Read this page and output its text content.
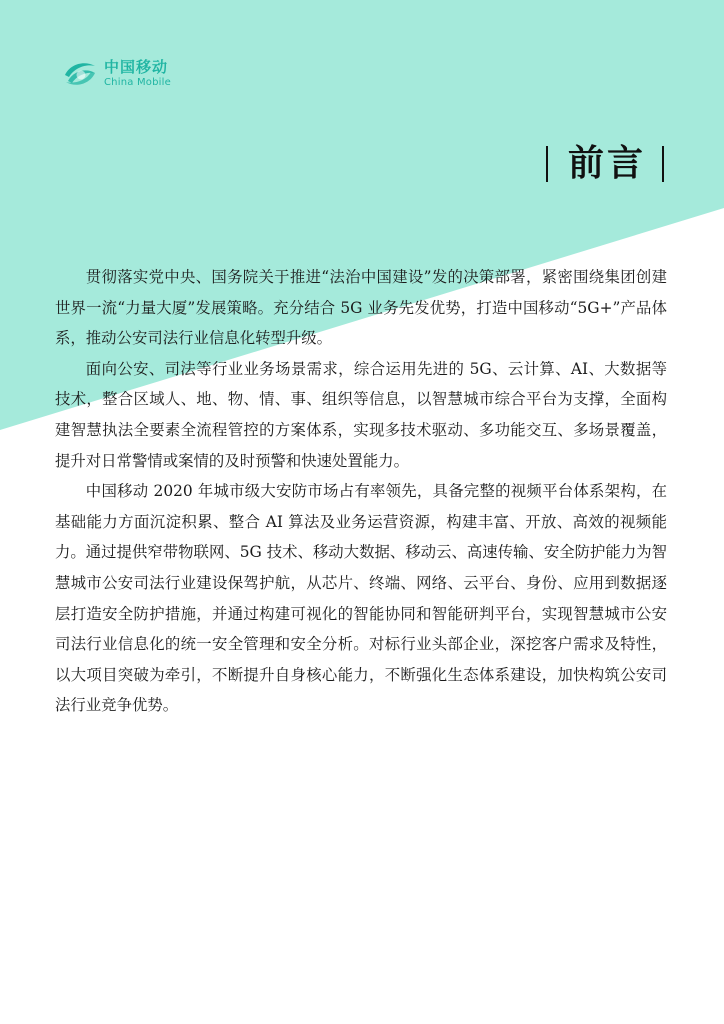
中国移动
China Mobile
前言

贯彻落实党中央、国务院关于推进“法治中国建设”发的决策部署，紧密围绕集团创建世界一流“力量大厦”发展策略。充分结合 5G 业务先发优势，打造中国移动“5G+”产品体系，推动公安司法行业信息化转型升级。

面向公安、司法等行业业务场景需求，综合运用先进的 5G、云计算、AI、大数据等技术，整合区域人、地、物、情、事、组织等信息，以智慧城市综合平台为支撑，全面构建智慧执法全要素全流程管控的方案体系，实现多技术驱动、多功能交互、多场景覆盖，提升对日常警情或案情的及时预警和快速处置能力。

中国移动 2020 年城市级大安防市场占有率领先，具备完整的视频平台体系架构，在基础能力方面沉淀积累、整合 AI 算法及业务运营资源，构建丰富、开放、高效的视频能力。通过提供窄带物联网、5G 技术、移动大数据、移动云、高速传输、安全防护能力为智慧城市公安司法行业建设保驾护航，从芯片、终端、网络、云平台、身份、应用到数据逐层打造安全防护措施，并通过构建可视化的智能协同和智能研判平台，实现智慧城市公安司法行业信息化的统一安全管理和安全分析。对标行业头部企业，深挖客户需求及特性，以大项目突破为牵引，不断提升自身核心能力，不断强化生态体系建设，加快构筑公安司法行业竞争优势。
